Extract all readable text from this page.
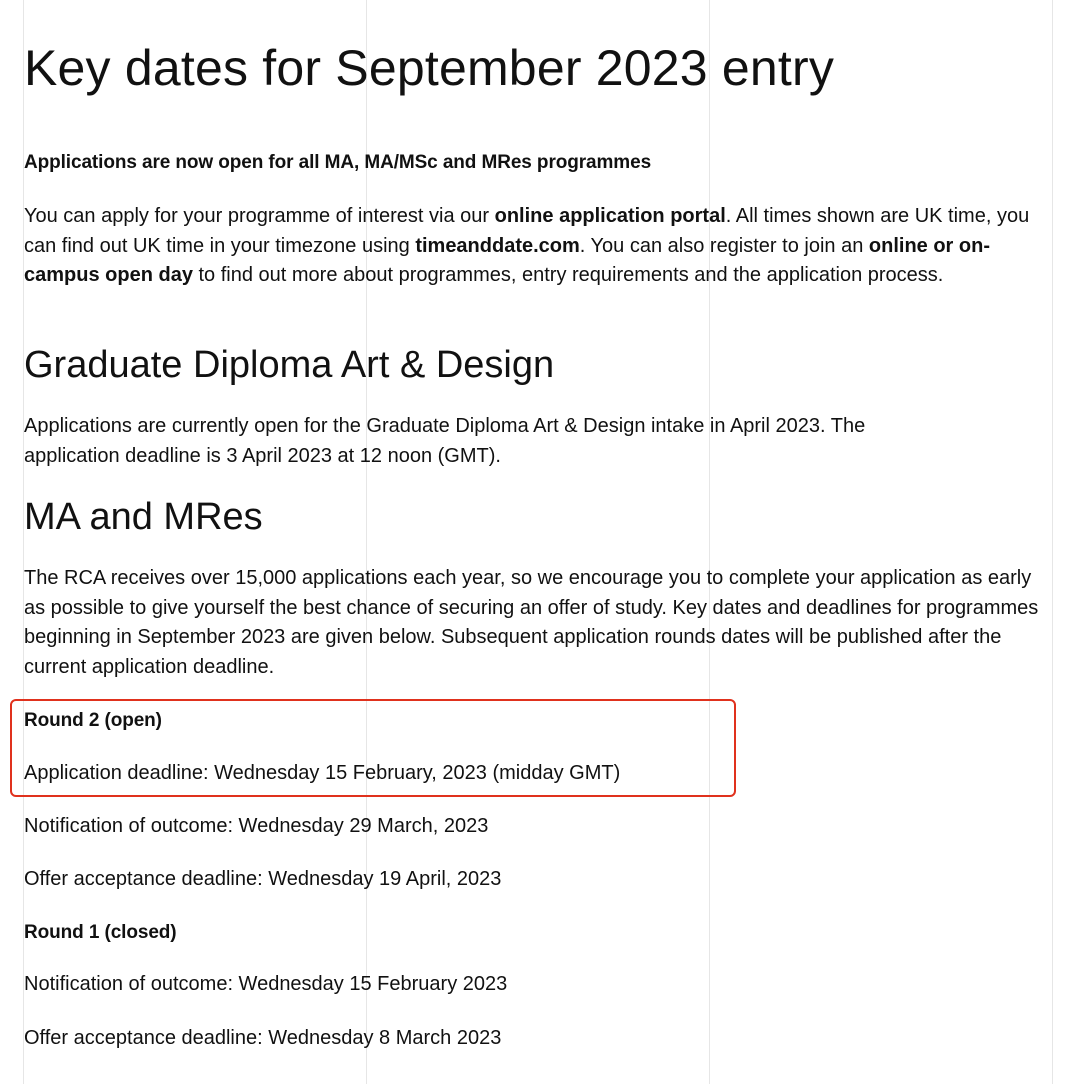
Key dates for September 2023 entry

Applications are now open for all MA, MA/MSc and MRes programmes

You can apply for your programme of interest via our online application portal. All times shown are UK time, you can find out UK time in your timezone using timeanddate.com. You can also register to join an online or on-campus open day to find out more about programmes, entry requirements and the application process.

Graduate Diploma Art & Design

Applications are currently open for the Graduate Diploma Art & Design intake in April 2023. The application deadline is 3 April 2023 at 12 noon (GMT).

MA and MRes

The RCA receives over 15,000 applications each year, so we encourage you to complete your application as early as possible to give yourself the best chance of securing an offer of study. Key dates and deadlines for programmes beginning in September 2023 are given below. Subsequent application rounds dates will be published after the current application deadline.

Round 2 (open)

Application deadline: Wednesday 15 February, 2023 (midday GMT)

Notification of outcome: Wednesday 29 March, 2023

Offer acceptance deadline: Wednesday 19 April, 2023

Round 1 (closed)

Notification of outcome: Wednesday 15 February 2023

Offer acceptance deadline: Wednesday 8 March 2023
